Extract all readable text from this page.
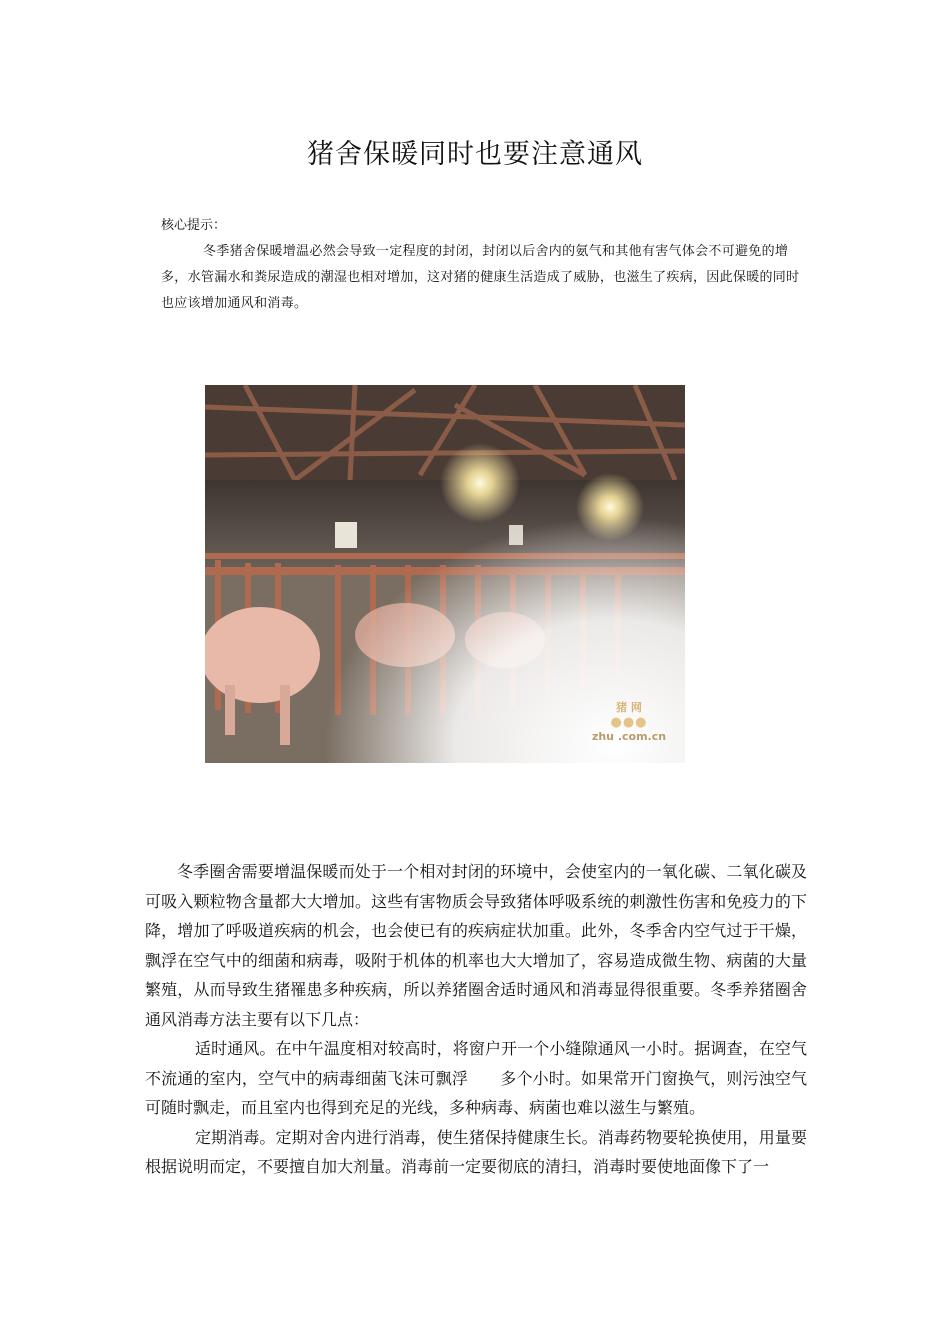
猪舍保暖同时也要注意通风
核心提示：
冬季猪舍保暖增温必然会导致一定程度的封闭，封闭以后舍内的氨气和其他有害气体会不可避免的增多，水管漏水和粪尿造成的潮湿也相对增加，这对猪的健康生活造成了威胁，也滋生了疾病，因此保暖的同时也应该增加通风和消毒。
猪 网
●●●
zhu .com.cn

冬季圈舍需要增温保暖而处于一个相对封闭的环境中，会使室内的一氧化碳、二氧化碳及可吸入颗粒物含量都大大增加。这些有害物质会导致猪体呼吸系统的刺激性伤害和免疫力的下降，增加了呼吸道疾病的机会，也会使已有的疾病症状加重。此外，冬季舍内空气过于干燥，飘浮在空气中的细菌和病毒，吸附于机体的机率也大大增加了，容易造成微生物、病菌的大量繁殖，从而导致生猪罹患多种疾病，所以养猪圈舍适时通风和消毒显得很重要。冬季养猪圈舍通风消毒方法主要有以下几点：

适时通风。在中午温度相对较高时，将窗户开一个小缝隙通风一小时。据调查，在空气不流通的室内，空气中的病毒细菌飞沫可飘浮　　多个小时。如果常开门窗换气，则污浊空气可随时飘走，而且室内也得到充足的光线，多种病毒、病菌也难以滋生与繁殖。

定期消毒。定期对舍内进行消毒，使生猪保持健康生长。消毒药物要轮换使用，用量要根据说明而定，不要擅自加大剂量。消毒前一定要彻底的清扫，消毒时要使地面像下了一
